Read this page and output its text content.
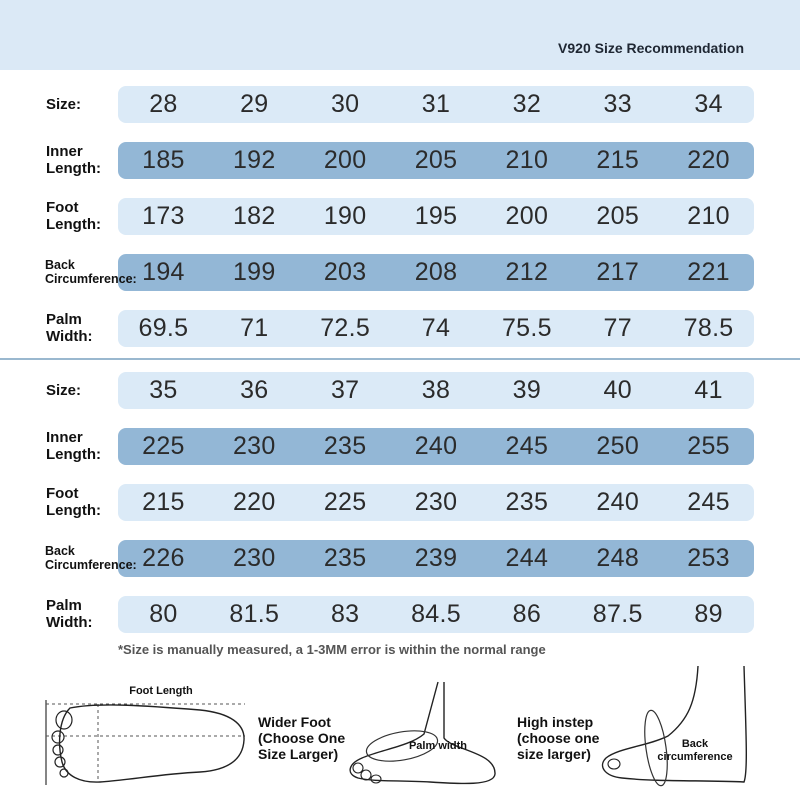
V920 Size Recommendation
Size:	28	29	30	31	32	33	34
Inner
Length:	185	192	200	205	210	215	220
Foot
Length:	173	182	190	195	200	205	210
Back
Circumference: 194	199	203	208	212	217	221
Palm
Width:	69.5	71	72.5	74	75.5	77	78.5
Size:	35	36	37	38	39	40	41
Inner
Length:	225	230	235	240	245	250	255
Foot
Length:	215	220	225	230	235	240	245
Back
Circumference: 226	230	235	239	244	248	253
Palm
Width:	80	81.5	83	84.5	86	87.5	89
*Size is manually measured, a 1-3MM error is within the normal range
Foot Length
Wider Foot
(Choose One
Size Larger)	Palm width
High instep
(choose one
size larger)
Back
circumference
